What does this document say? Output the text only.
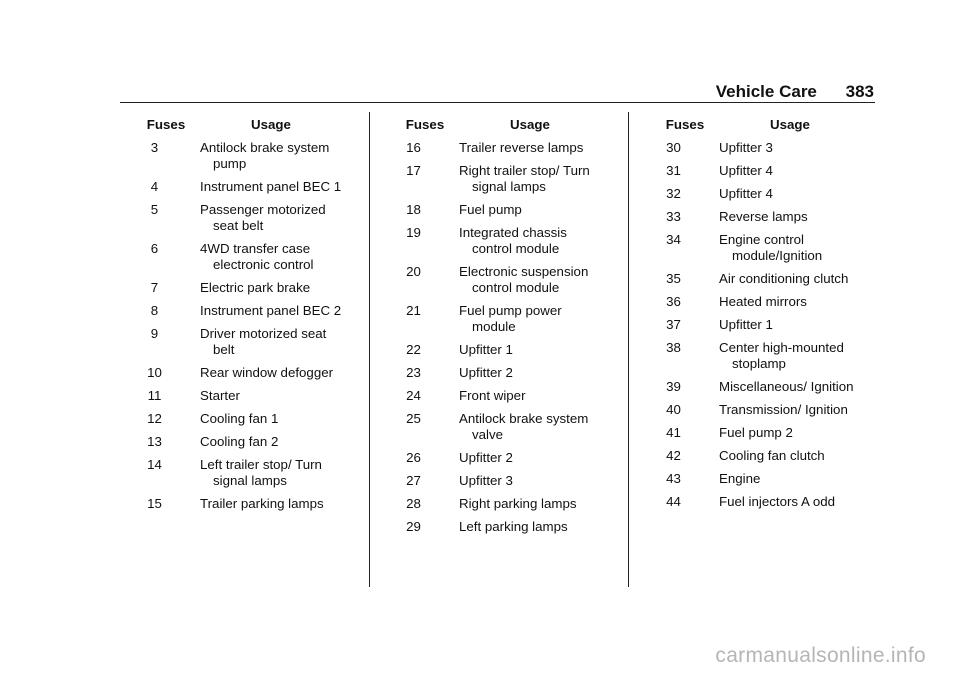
Vehicle Care 383
Fuses	Usage
3	Antilock brake system pump
4	Instrument panel BEC 1
5	Passenger motorized seat belt
6	4WD transfer case electronic control
7	Electric park brake
8	Instrument panel BEC 2
9	Driver motorized seat belt
10	Rear window defogger
11	Starter
12	Cooling fan 1
13	Cooling fan 2
14	Left trailer stop/ Turn signal lamps
15	Trailer parking lamps
Fuses	Usage
16	Trailer reverse lamps
17	Right trailer stop/ Turn signal lamps
18	Fuel pump
19	Integrated chassis control module
20	Electronic suspension control module
21	Fuel pump power module
22	Upfitter 1
23	Upfitter 2
24	Front wiper
25	Antilock brake system valve
26	Upfitter 2
27	Upfitter 3
28	Right parking lamps
29	Left parking lamps
Fuses	Usage
30	Upfitter 3
31	Upfitter 4
32	Upfitter 4
33	Reverse lamps
34	Engine control module/Ignition
35	Air conditioning clutch
36	Heated mirrors
37	Upfitter 1
38	Center high-mounted stoplamp
39	Miscellaneous/ Ignition
40	Transmission/ Ignition
41	Fuel pump 2
42	Cooling fan clutch
43	Engine
44	Fuel injectors A odd
carmanualsonline.info
